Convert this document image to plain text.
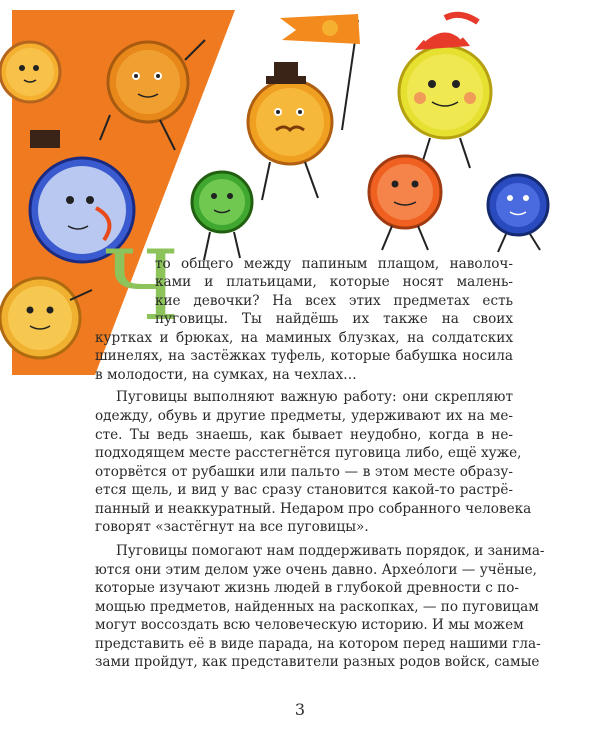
Ч
то общего между папиным плащом, наволоч-
ками и платьицами, которые носят малень-
кие девочки? На всех этих предметах есть
пуговицы. Ты найдёшь их также на своих
куртках и брюках, на маминых блузках, на солдатских
шинелях, на застёжках туфель, которые бабушка носила
в молодости, на сумках, на чехлах…
Пуговицы выполняют важную работу: они скрепляют
одежду, обувь и другие предметы, удерживают их на ме-
сте. Ты ведь знаешь, как бывает неудобно, когда в не-
подходящем месте расстегнётся пуговица либо, ещё хуже,
оторвётся от рубашки или пальто — в этом месте образу-
ется щель, и вид у вас сразу становится какой-то растрё-
панный и неаккуратный. Недаром про собранного человека
говорят «застёгнут на все пуговицы».
Пуговицы помогают нам поддерживать порядок, и занима-
ются они этим делом уже очень давно. Архео́логи — учёные,
которые изучают жизнь людей в глубокой древности с по-
мощью предметов, найденных на раскопках, — по пуговицам
могут воссоздать всю человеческую историю. И мы можем
представить её в виде парада, на котором перед нашими гла-
зами пройдут, как представители разных родов войск, самые
3
